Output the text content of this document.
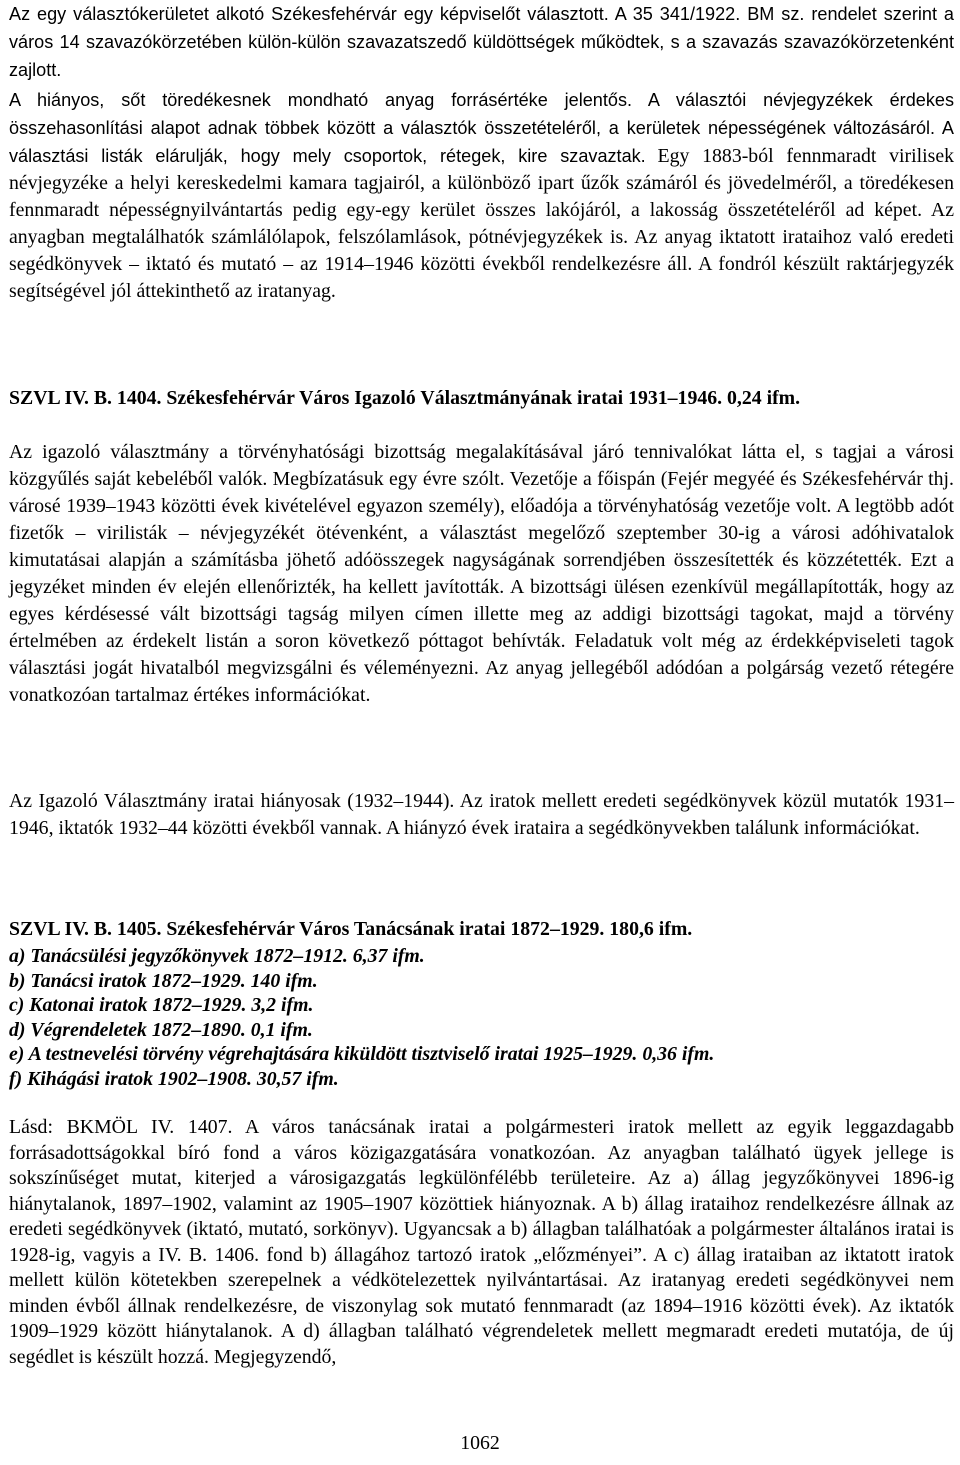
Az egy választókerületet alkotó Székesfehérvár egy képviselőt választott. A 35 341/1922. BM sz. rendelet szerint a város 14 szavazókörzetében külön-külön szavazatszedő küldöttségek működtek, s a szavazás szavazókörzetenként zajlott.

A hiányos, sőt töredékesnek mondható anyag forrásértéke jelentős. A választói névjegyzékek érdekes összehasonlítási alapot adnak többek között a választók összetételéről, a kerületek népességének változásáról. A választási listák elárulják, hogy mely csoportok, rétegek, kire szavaztak. Egy 1883-ból fennmaradt virilisek névjegyzéke a helyi kereskedelmi kamara tagjairól, a különböző ipart űzők számáról és jövedelméről, a töredékesen fennmaradt népességnyilvántartás pedig egy-egy kerület összes lakójáról, a lakosság összetételéről ad képet. Az anyagban megtalálhatók számlálólapok, felszólamlások, pótnévjegyzékek is. Az anyag iktatott irataihoz való eredeti segédkönyvek – iktató és mutató – az 1914–1946 közötti évekből rendelkezésre áll. A fondról készült raktárjegyzék segítségével jól áttekinthető az iratanyag.

SZVL IV. B. 1404. Székesfehérvár Város Igazoló Választmányának iratai 1931–1946. 0,24 ifm.

Az igazoló választmány a törvényhatósági bizottság megalakításával járó tennivalókat látta el, s tagjai a városi közgyűlés saját kebeléből valók. Megbízatásuk egy évre szólt. Vezetője a főispán (Fejér megyéé és Székesfehérvár thj. városé 1939–1943 közötti évek kivételével egyazon személy), előadója a törvényhatóság vezetője volt. A legtöbb adót fizetők – virilisták – névjegyzékét ötévenként, a választást megelőző szeptember 30-ig a városi adóhivatalok kimutatásai alapján a számításba jöhető adóösszegek nagyságának sorrendjében összesítették és közzétették. Ezt a jegyzéket minden év elején ellenőrizték, ha kellett javították. A bizottsági ülésen ezenkívül megállapították, hogy az egyes kérdésessé vált bizottsági tagság milyen címen illette meg az addigi bizottsági tagokat, majd a törvény értelmében az érdekelt listán a soron következő póttagot behívták. Feladatuk volt még az érdekképviseleti tagok választási jogát hivatalból megvizsgálni és véleményezni. Az anyag jellegéből adódóan a polgárság vezető rétegére vonatkozóan tartalmaz értékes információkat.

Az Igazoló Választmány iratai hiányosak (1932–1944). Az iratok mellett eredeti segédkönyvek közül mutatók 1931–1946, iktatók 1932–44 közötti évekből vannak. A hiányzó évek irataira a segédkönyvekben találunk információkat.

SZVL IV. B. 1405. Székesfehérvár Város Tanácsának iratai 1872–1929. 180,6 ifm.

a) Tanácsülési jegyzőkönyvek 1872–1912. 6,37 ifm.

b) Tanácsi iratok 1872–1929. 140 ifm.

c) Katonai iratok 1872–1929. 3,2 ifm.

d) Végrendeletek 1872–1890. 0,1 ifm.

e) A testnevelési törvény végrehajtására kiküldött tisztviselő iratai 1925–1929. 0,36 ifm.

f) Kihágási iratok 1902–1908. 30,57 ifm.

Lásd: BKMÖL IV. 1407. A város tanácsának iratai a polgármesteri iratok mellett az egyik leggazdagabb forrásadottságokkal bíró fond a város közigazgatására vonatkozóan. Az anyagban található ügyek jellege is sokszínűséget mutat, kiterjed a városigazgatás legkülönfélébb területeire. Az a) állag jegyzőkönyvei 1896-ig hiánytalanok, 1897–1902, valamint az 1905–1907 közöttiek hiányoznak. A b) állag irataihoz rendelkezésre állnak az eredeti segédkönyvek (iktató, mutató, sorkönyv). Ugyancsak a b) állagban találhatóak a polgármester általános iratai is 1928-ig, vagyis a IV. B. 1406. fond b) állagához tartozó iratok „előzményei”. A c) állag irataiban az iktatott iratok mellett külön kötetekben szerepelnek a védkötelezettek nyilvántartásai. Az iratanyag eredeti segédkönyvei nem minden évből állnak rendelkezésre, de viszonylag sok mutató fennmaradt (az 1894–1916 közötti évek). Az iktatók 1909–1929 között hiánytalanok. A d) állagban található végrendeletek mellett megmaradt eredeti mutatója, de új segédlet is készült hozzá. Megjegyzendő,

1062
